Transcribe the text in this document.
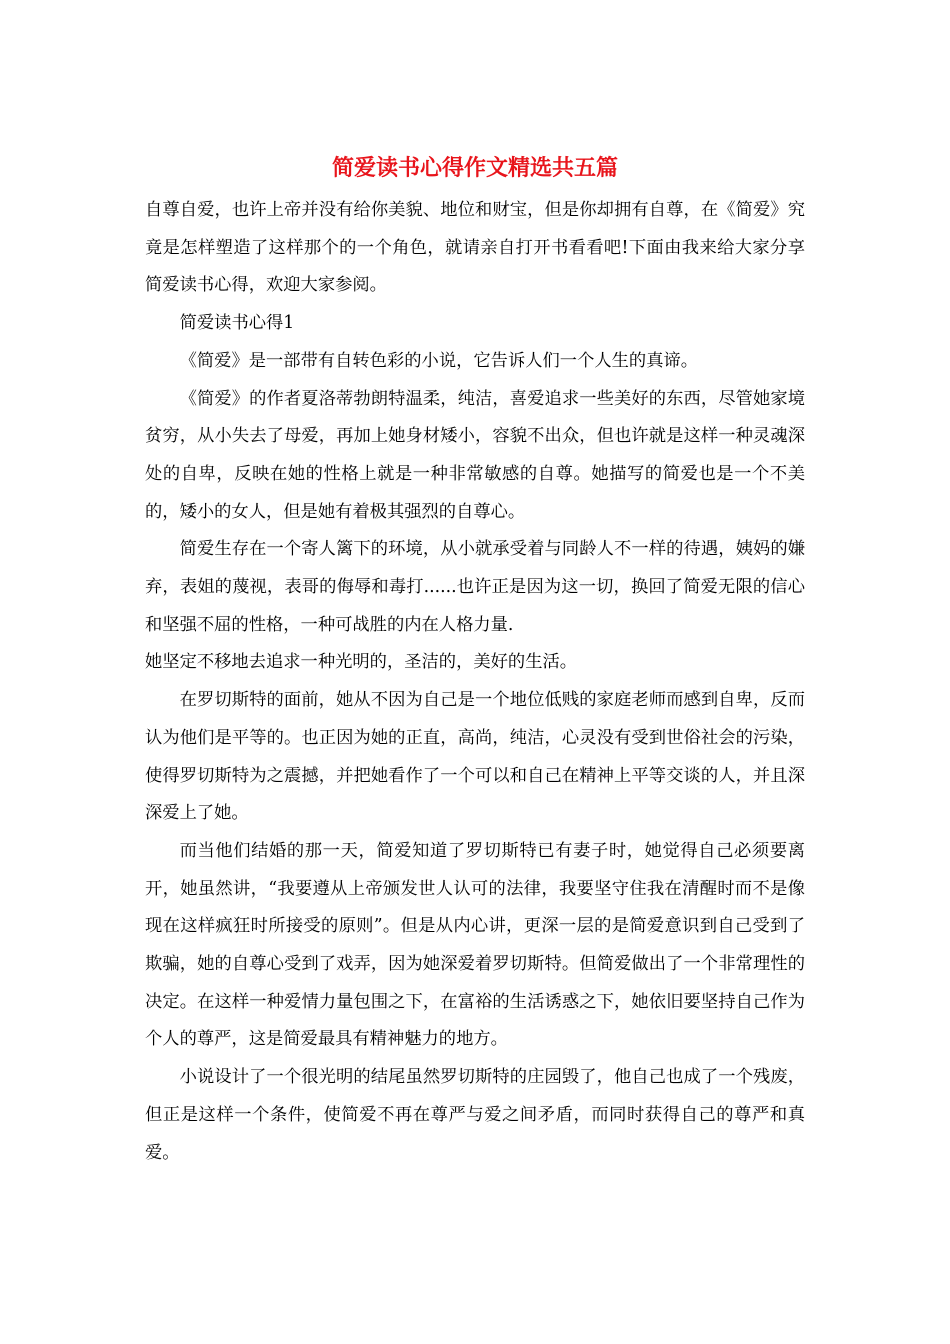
简爱读书心得作文精选共五篇

自尊自爱，也许上帝并没有给你美貌、地位和财宝，但是你却拥有自尊，在《简爱》究竟是怎样塑造了这样那个的一个角色，就请亲自打开书看看吧!下面由我来给大家分享简爱读书心得，欢迎大家参阅。

简爱读书心得1

《简爱》是一部带有自转色彩的小说，它告诉人们一个人生的真谛。

《简爱》的作者夏洛蒂勃朗特温柔，纯洁，喜爱追求一些美好的东西，尽管她家境贫穷，从小失去了母爱，再加上她身材矮小，容貌不出众，但也许就是这样一种灵魂深处的自卑，反映在她的性格上就是一种非常敏感的自尊。她描写的简爱也是一个不美的，矮小的女人，但是她有着极其强烈的自尊心。

简爱生存在一个寄人篱下的环境，从小就承受着与同龄人不一样的待遇，姨妈的嫌弃，表姐的蔑视，表哥的侮辱和毒打......也许正是因为这一切，换回了简爱无限的信心和坚强不屈的性格，一种可战胜的内在人格力量.

她坚定不移地去追求一种光明的，圣洁的，美好的生活。

在罗切斯特的面前，她从不因为自己是一个地位低贱的家庭老师而感到自卑，反而认为他们是平等的。也正因为她的正直，高尚，纯洁，心灵没有受到世俗社会的污染，使得罗切斯特为之震撼，并把她看作了一个可以和自己在精神上平等交谈的人，并且深深爱上了她。

而当他们结婚的那一天，简爱知道了罗切斯特已有妻子时，她觉得自己必须要离开，她虽然讲，“我要遵从上帝颁发世人认可的法律，我要坚守住我在清醒时而不是像现在这样疯狂时所接受的原则”。但是从内心讲，更深一层的是简爱意识到自己受到了欺骗，她的自尊心受到了戏弄，因为她深爱着罗切斯特。但简爱做出了一个非常理性的决定。在这样一种爱情力量包围之下，在富裕的生活诱惑之下，她依旧要坚持自己作为个人的尊严，这是简爱最具有精神魅力的地方。

小说设计了一个很光明的结尾虽然罗切斯特的庄园毁了，他自己也成了一个残废，但正是这样一个条件，使简爱不再在尊严与爱之间矛盾，而同时获得自己的尊严和真爱。
